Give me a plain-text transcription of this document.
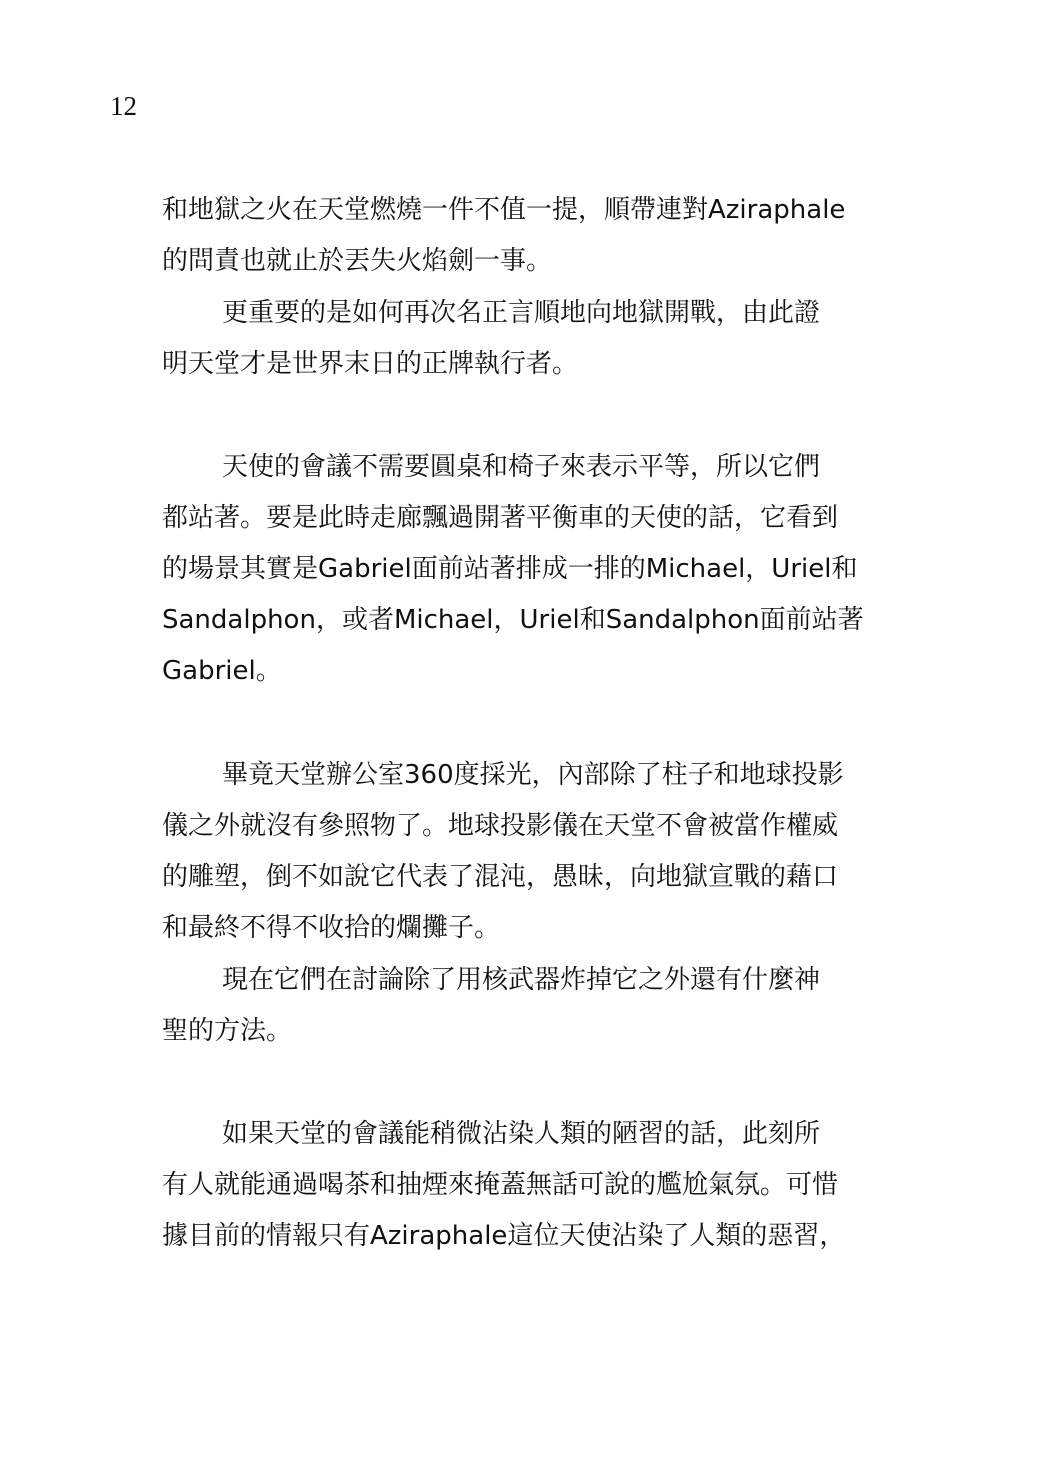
12
和地獄之火在天堂燃燒一件不值一提，順帶連對Aziraphale
的問責也就止於丟失火焰劍一事。
更重要的是如何再次名正言順地向地獄開戰，由此證
明天堂才是世界末日的正牌執行者。
天使的會議不需要圓桌和椅子來表示平等，所以它們
都站著。要是此時走廊飄過開著平衡車的天使的話，它看到
的場景其實是Gabriel面前站著排成一排的Michael，Uriel和
Sandalphon，或者Michael，Uriel和Sandalphon面前站著
Gabriel。
畢竟天堂辦公室360度採光，內部除了柱子和地球投影
儀之外就沒有參照物了。地球投影儀在天堂不會被當作權威
的雕塑，倒不如說它代表了混沌，愚昧，向地獄宣戰的藉口
和最終不得不收拾的爛攤子。
現在它們在討論除了用核武器炸掉它之外還有什麼神
聖的方法。
如果天堂的會議能稍微沾染人類的陋習的話，此刻所
有人就能通過喝茶和抽煙來掩蓋無話可說的尷尬氣氛。可惜
據目前的情報只有Aziraphale這位天使沾染了人類的惡習，
